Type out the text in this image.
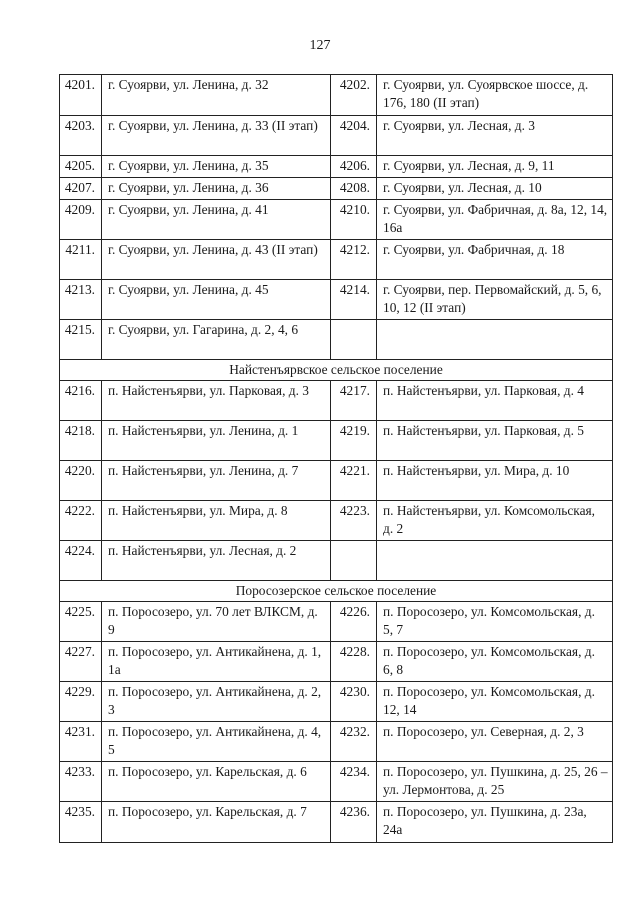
127
4201.	г. Суоярви, ул. Ленина, д. 32	4202.	г. Суоярви, ул. Суоярвское шоссе, д. 176, 180 (II этап)
4203.	г. Суоярви, ул. Ленина, д. 33 (II этап)	4204.	г. Суоярви, ул. Лесная, д. 3
4205.	г. Суоярви, ул. Ленина, д. 35	4206.	г. Суоярви, ул. Лесная, д. 9, 11
4207.	г. Суоярви, ул. Ленина, д. 36	4208.	г. Суоярви, ул. Лесная, д. 10
4209.	г. Суоярви, ул. Ленина, д. 41	4210.	г. Суоярви, ул. Фабричная, д. 8а, 12, 14, 16а
4211.	г. Суоярви, ул. Ленина, д. 43 (II этап)	4212.	г. Суоярви, ул. Фабричная, д. 18
4213.	г. Суоярви, ул. Ленина, д. 45	4214.	г. Суоярви, пер. Первомайский, д. 5, 6, 10, 12 (II этап)
4215.	г. Суоярви, ул. Гагарина, д. 2, 4, 6		
Найстенъярвское сельское поселение			
4216.	п. Найстенъярви, ул. Парковая, д. 3	4217.	п. Найстенъярви, ул. Парковая, д. 4
4218.	п. Найстенъярви, ул. Ленина, д. 1	4219.	п. Найстенъярви, ул. Парковая, д. 5
4220.	п. Найстенъярви, ул. Ленина, д. 7	4221.	п. Найстенъярви, ул. Мира, д. 10
4222.	п. Найстенъярви, ул. Мира, д. 8	4223.	п. Найстенъярви, ул. Комсомольская, д. 2
4224.	п. Найстенъярви, ул. Лесная, д. 2		
Поросозерское сельское поселение			
4225.	п. Поросозеро, ул. 70 лет ВЛКСМ, д. 9	4226.	п. Поросозеро, ул. Комсомольская, д. 5, 7
4227.	п. Поросозеро, ул. Антикайнена, д. 1, 1а	4228.	п. Поросозеро, ул. Комсомольская, д. 6, 8
4229.	п. Поросозеро, ул. Антикайнена, д. 2, 3	4230.	п. Поросозеро, ул. Комсомольская, д. 12, 14
4231.	п. Поросозеро, ул. Антикайнена, д. 4, 5	4232.	п. Поросозеро, ул. Северная, д. 2, 3
4233.	п. Поросозеро, ул. Карельская, д. 6	4234.	п. Поросозеро, ул. Пушкина, д. 25, 26 – ул. Лермонтова, д. 25
4235.	п. Поросозеро, ул. Карельская, д. 7	4236.	п. Поросозеро, ул. Пушкина, д. 23а, 24а
